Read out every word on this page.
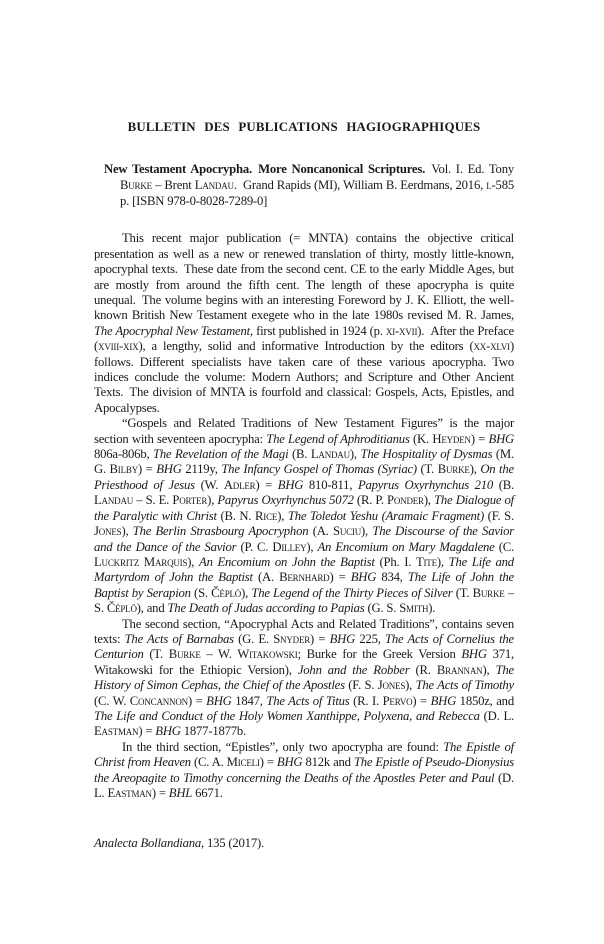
BULLETIN DES PUBLICATIONS HAGIOGRAPHIQUES

New Testament Apocrypha. More Noncanonical Scriptures. Vol. I. Ed. Tony Burke – Brent Landau. Grand Rapids (MI), William B. Eerdmans, 2016, l-585 p. [ISBN 978-0-8028-7289-0]

This recent major publication (= MNTA) contains the objective critical presentation as well as a new or renewed translation of thirty, mostly little-known, apocryphal texts. These date from the second cent. CE to the early Middle Ages, but are mostly from around the fifth cent. The length of these apocrypha is quite unequal. The volume begins with an interesting Foreword by J. K. Elliott, the well-known British New Testament exegete who in the late 1980s revised M. R. James, The Apocryphal New Testament, first published in 1924 (p. xi-xvii). After the Preface (xviii-xix), a lengthy, solid and informative Introduction by the editors (xx-xlvi) follows. Different specialists have taken care of these various apocrypha. Two indices conclude the volume: Modern Authors; and Scripture and Other Ancient Texts. The division of MNTA is fourfold and classical: Gospels, Acts, Epistles, and Apocalypses.

“Gospels and Related Traditions of New Testament Figures” is the major section with seventeen apocrypha: The Legend of Aphroditianus (K. Heyden) = BHG 806a-806b, The Revelation of the Magi (B. Landau), The Hospitality of Dysmas (M. G. Bilby) = BHG 2119y, The Infancy Gospel of Thomas (Syriac) (T. Burke), On the Priesthood of Jesus (W. Adler) = BHG 810-811, Papyrus Oxyrhynchus 210 (B. Landau – S. E. Porter), Papyrus Oxyrhynchus 5072 (R. P. Ponder), The Dialogue of the Paralytic with Christ (B. N. Rice), The Toledot Yeshu (Aramaic Fragment) (F. S. Jones), The Berlin Strasbourg Apocryphon (A. Suciu), The Discourse of the Savior and the Dance of the Savior (P. C. Dilley), An Encomium on Mary Magdalene (C. Luckritz Marquis), An Encomium on John the Baptist (Ph. I. Tite), The Life and Martyrdom of John the Baptist (A. Bernhard) = BHG 834, The Life of John the Baptist by Serapion (S. Čéplö), The Legend of the Thirty Pieces of Silver (T. Burke – S. Čéplö), and The Death of Judas according to Papias (G. S. Smith).

The second section, “Apocryphal Acts and Related Traditions”, contains seven texts: The Acts of Barnabas (G. E. Snyder) = BHG 225, The Acts of Cornelius the Centurion (T. Burke – W. Witakowski; Burke for the Greek Version BHG 371, Witakowski for the Ethiopic Version), John and the Robber (R. Brannan), The History of Simon Cephas, the Chief of the Apostles (F. S. Jones), The Acts of Timothy (C. W. Concannon) = BHG 1847, The Acts of Titus (R. I. Pervo) = BHG 1850z, and The Life and Conduct of the Holy Women Xanthippe, Polyxena, and Rebecca (D. L. Eastman) = BHG 1877-1877b.

In the third section, “Epistles”, only two apocrypha are found: The Epistle of Christ from Heaven (C. A. Miceli) = BHG 812k and The Epistle of Pseudo-Dionysius the Areopagite to Timothy concerning the Deaths of the Apostles Peter and Paul (D. L. Eastman) = BHL 6671.

Analecta Bollandiana, 135 (2017).
